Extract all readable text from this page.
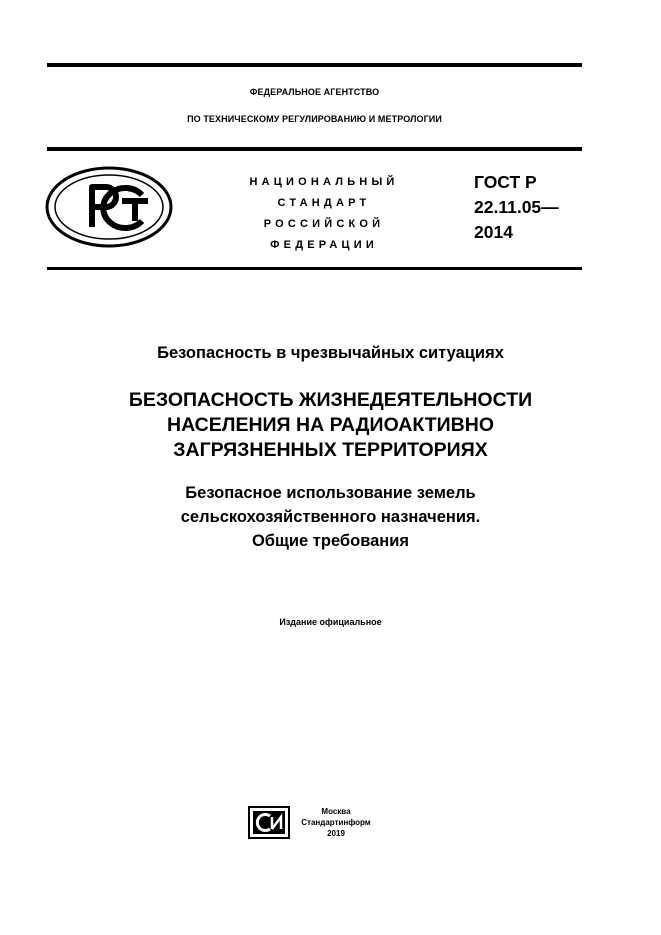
ФЕДЕРАЛЬНОЕ АГЕНТСТВО
ПО ТЕХНИЧЕСКОМУ РЕГУЛИРОВАНИЮ И МЕТРОЛОГИИ
НАЦИОНАЛЬНЫЙ
СТАНДАРТ
РОССИЙСКОЙ
ФЕДЕРАЦИИ
ГОСТ Р
22.11.05—
2014
Безопасность в чрезвычайных ситуациях
БЕЗОПАСНОСТЬ ЖИЗНЕДЕЯТЕЛЬНОСТИ
НАСЕЛЕНИЯ НА РАДИОАКТИВНО
ЗАГРЯЗНЕННЫХ ТЕРРИТОРИЯХ
Безопасное использование земель
сельскохозяйственного назначения.
Общие требования
Издание официальное
Москва
Стандартинформ
2019
